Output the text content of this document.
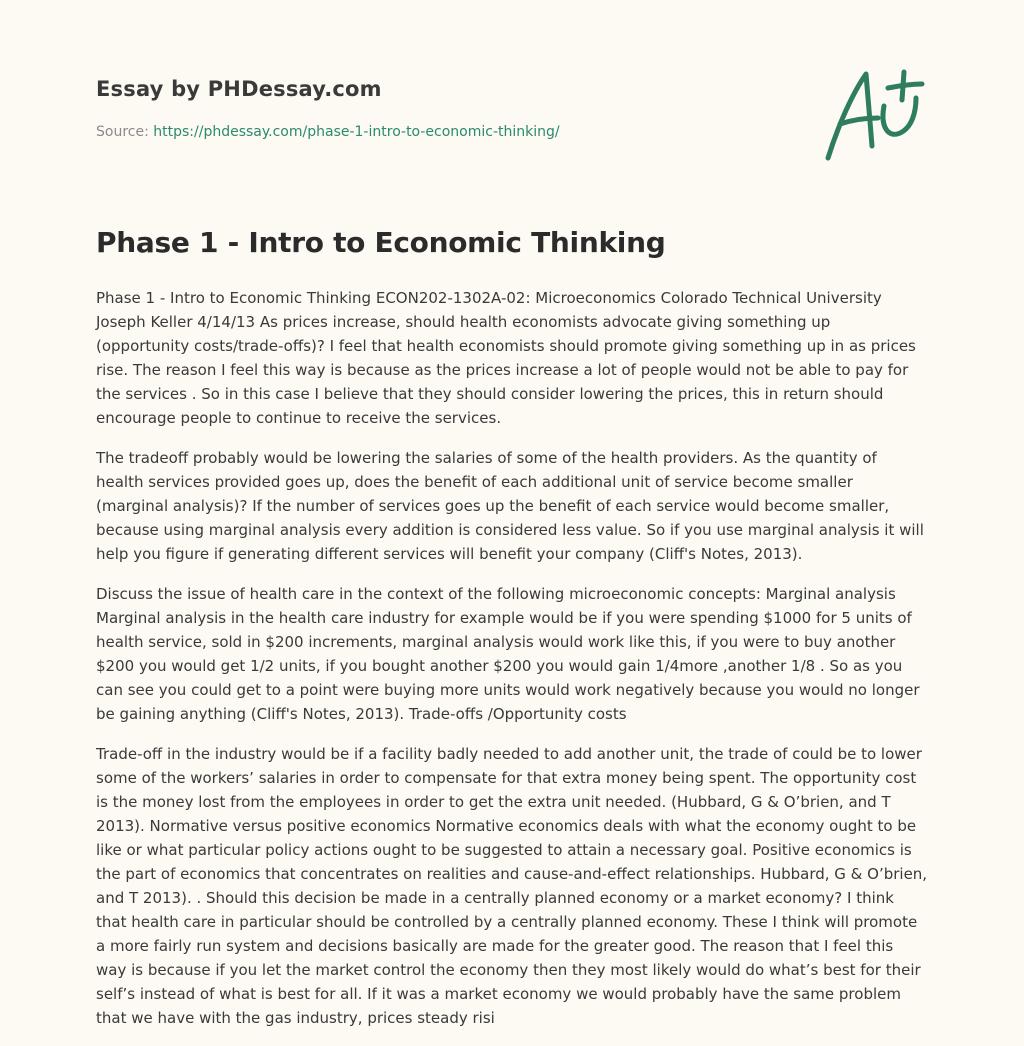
Essay by PHDessay.com
Source: https://phdessay.com/phase-1-intro-to-economic-thinking/
Phase 1 - Intro to Economic Thinking

Phase 1 - Intro to Economic Thinking ECON202-1302A-02: Microeconomics Colorado Technical University Joseph Keller 4/14/13 As prices increase, should health economists advocate giving something up (opportunity costs/trade-offs)? I feel that health economists should promote giving something up in as prices rise. The reason I feel this way is because as the prices increase a lot of people would not be able to pay for the services . So in this case I believe that they should consider lowering the prices, this in return should encourage people to continue to receive the services.

The tradeoff probably would be lowering the salaries of some of the health providers. As the quantity of health services provided goes up, does the benefit of each additional unit of service become smaller (marginal analysis)? If the number of services goes up the benefit of each service would become smaller, because using marginal analysis every addition is considered less value. So if you use marginal analysis it will help you figure if generating different services will benefit your company (Cliff's Notes, 2013).

Discuss the issue of health care in the context of the following microeconomic concepts: Marginal analysis Marginal analysis in the health care industry for example would be if you were spending $1000 for 5 units of health service, sold in $200 increments, marginal analysis would work like this, if you were to buy another $200 you would get 1/2 units, if you bought another $200 you would gain 1/4more ,another 1/8 . So as you can see you could get to a point were buying more units would work negatively because you would no longer be gaining anything (Cliff's Notes, 2013). Trade-offs /Opportunity costs

Trade-off in the industry would be if a facility badly needed to add another unit, the trade of could be to lower some of the workers’ salaries in order to compensate for that extra money being spent. The opportunity cost is the money lost from the employees in order to get the extra unit needed. (Hubbard, G & O’brien, and T 2013). Normative versus positive economics Normative economics deals with what the economy ought to be like or what particular policy actions ought to be suggested to attain a necessary goal. Positive economics is the part of economics that concentrates on realities and cause-and-effect relationships. Hubbard, G & O’brien, and T 2013). . Should this decision be made in a centrally planned economy or a market economy? I think that health care in particular should be controlled by a centrally planned economy. These I think will promote a more fairly run system and decisions basically are made for the greater good. The reason that I feel this way is because if you let the market control the economy then they most likely would do what’s best for their self’s instead of what is best for all. If it was a market economy we would probably have the same problem that we have with the gas industry, prices steady risi
